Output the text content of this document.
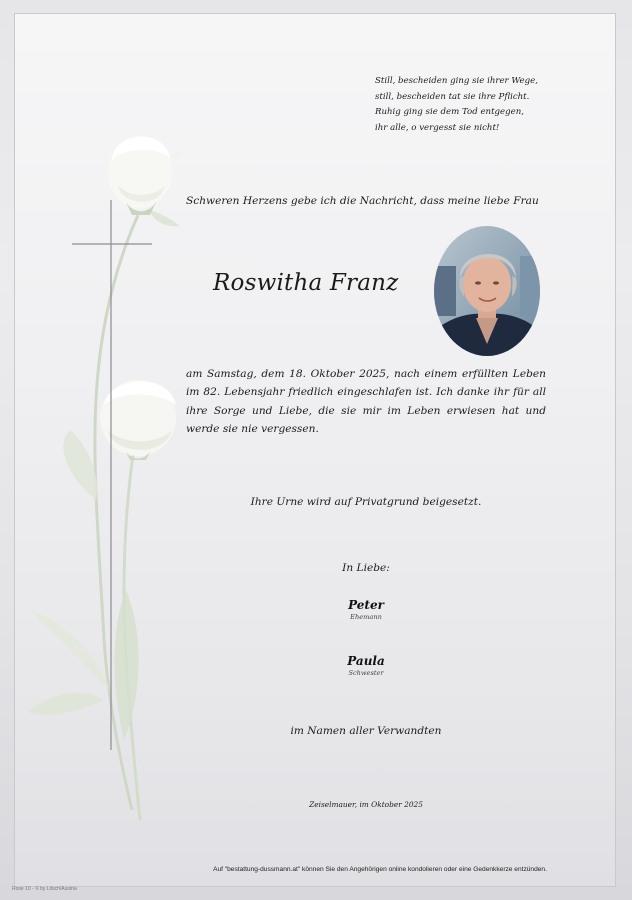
Still, bescheiden ging sie ihrer Wege,
still, bescheiden tat sie ihre Pflicht.
Ruhig ging sie dem Tod entgegen,
ihr alle, o vergesst sie nicht!
Schweren Herzens gebe ich die Nachricht, dass meine liebe Frau
Roswitha Franz
am Samstag, dem 18. Oktober 2025, nach einem erfüllten Leben im 82. Lebensjahr friedlich eingeschlafen ist. Ich danke ihr für all ihre Sorge und Liebe, die sie mir im Leben erwiesen hat und werde sie nie vergessen.
Ihre Urne wird auf Privatgrund beigesetzt.
In Liebe:
Peter
Ehemann
Paula
Schwester
im Namen aller Verwandten
Zeiselmauer, im Oktober 2025
Auf "bestattung-dussmann.at" können Sie den Angehörigen online kondolieren oder eine Gedenkkerze entzünden.
Rose 10 - © by Litsch/Austria
